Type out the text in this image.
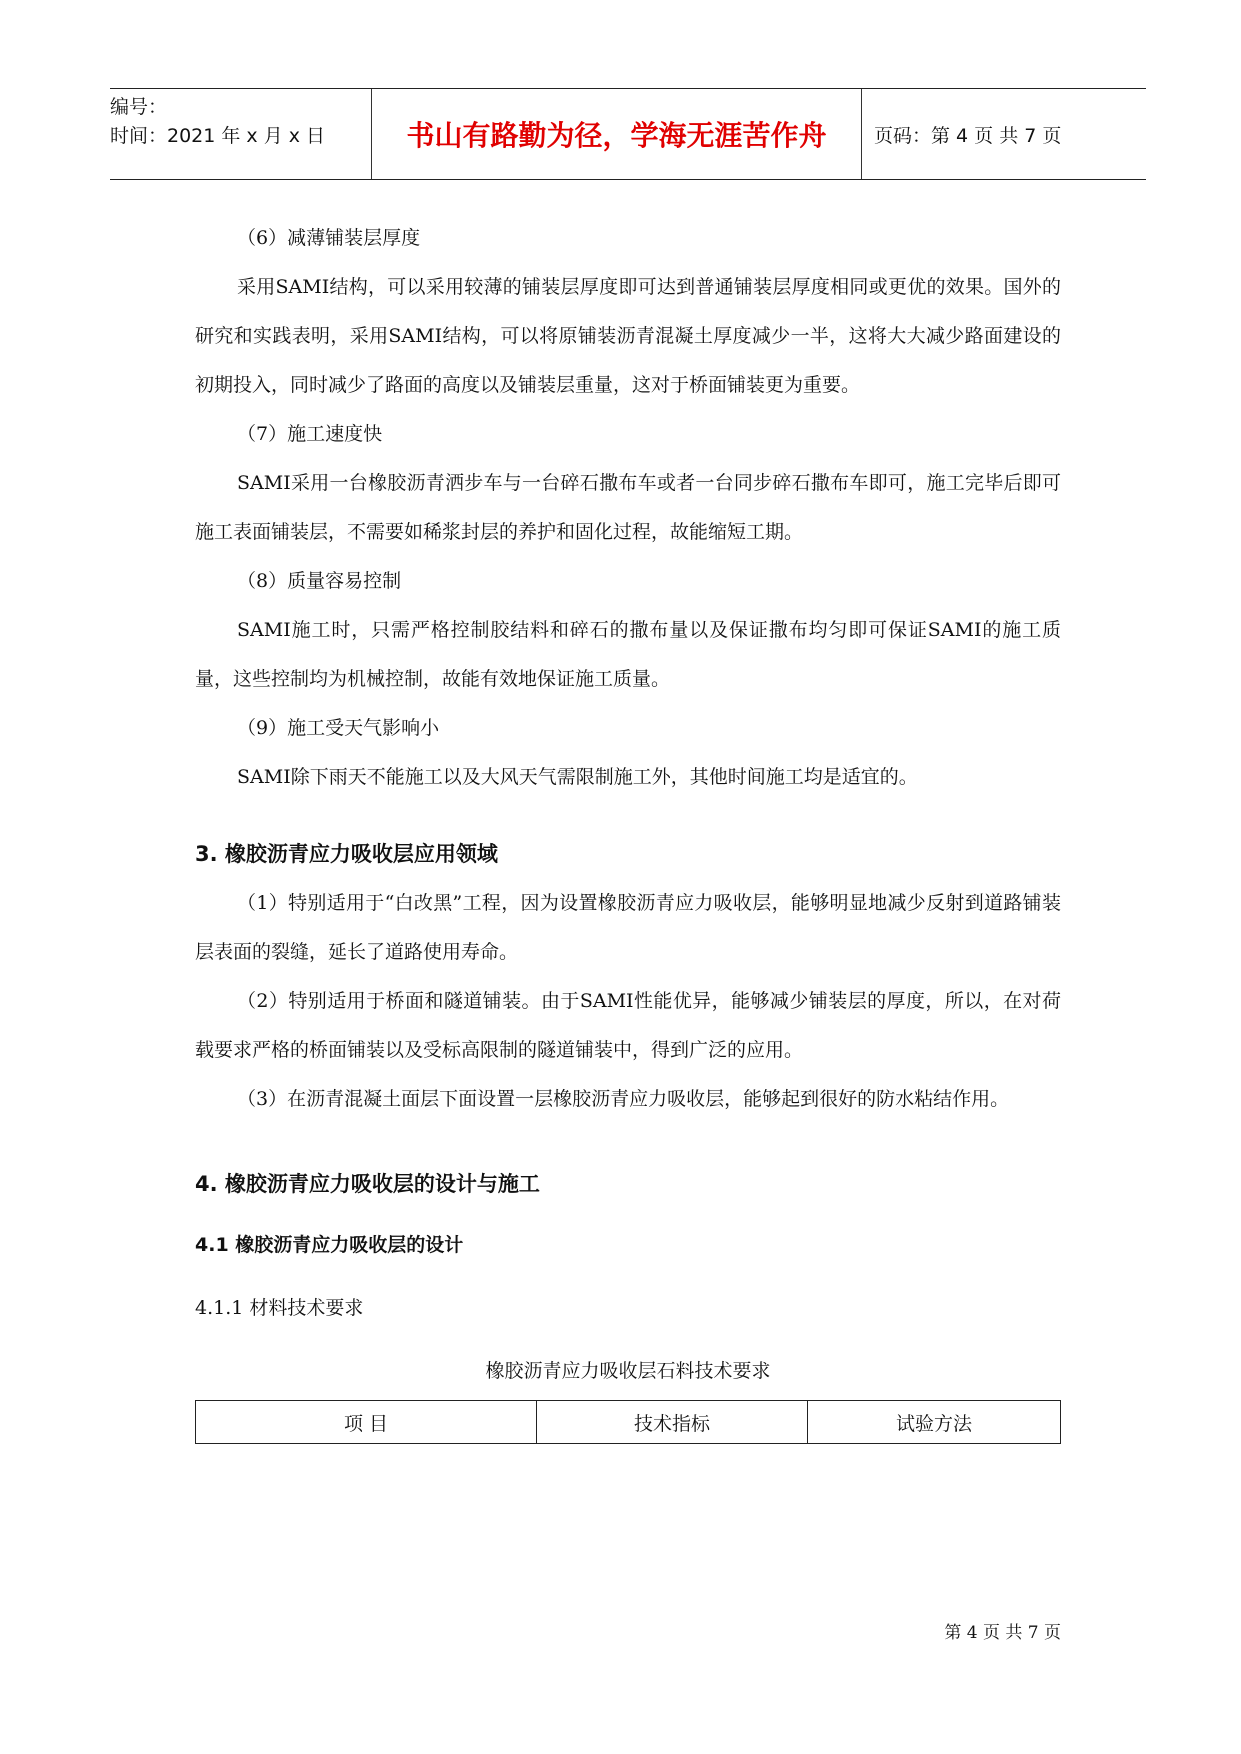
编号：
时间：2021 年 x 月 x 日	书山有路勤为径，学海无涯苦作舟	页码：第 4 页 共 7 页

（6）减薄铺装层厚度

采用SAMI结构，可以采用较薄的铺装层厚度即可达到普通铺装层厚度相同或更优的效果。国外的研究和实践表明，采用SAMI结构，可以将原铺装沥青混凝土厚度减少一半，这将大大减少路面建设的初期投入，同时减少了路面的高度以及铺装层重量，这对于桥面铺装更为重要。

（7）施工速度快

SAMI采用一台橡胶沥青洒步车与一台碎石撒布车或者一台同步碎石撒布车即可，施工完毕后即可施工表面铺装层，不需要如稀浆封层的养护和固化过程，故能缩短工期。

（8）质量容易控制

SAMI施工时，只需严格控制胶结料和碎石的撒布量以及保证撒布均匀即可保证SAMI的施工质量，这些控制均为机械控制，故能有效地保证施工质量。

（9）施工受天气影响小

SAMI除下雨天不能施工以及大风天气需限制施工外，其他时间施工均是适宜的。

3. 橡胶沥青应力吸收层应用领域

（1）特别适用于“白改黑”工程，因为设置橡胶沥青应力吸收层，能够明显地减少反射到道路铺装层表面的裂缝，延长了道路使用寿命。

（2）特别适用于桥面和隧道铺装。由于SAMI性能优异，能够减少铺装层的厚度，所以，在对荷载要求严格的桥面铺装以及受标高限制的隧道铺装中，得到广泛的应用。

（3）在沥青混凝土面层下面设置一层橡胶沥青应力吸收层，能够起到很好的防水粘结作用。

4. 橡胶沥青应力吸收层的设计与施工
4.1 橡胶沥青应力吸收层的设计

4.1.1 材料技术要求

橡胶沥青应力吸收层石料技术要求
项 目	技术指标	试验方法
第 4 页 共 7 页
